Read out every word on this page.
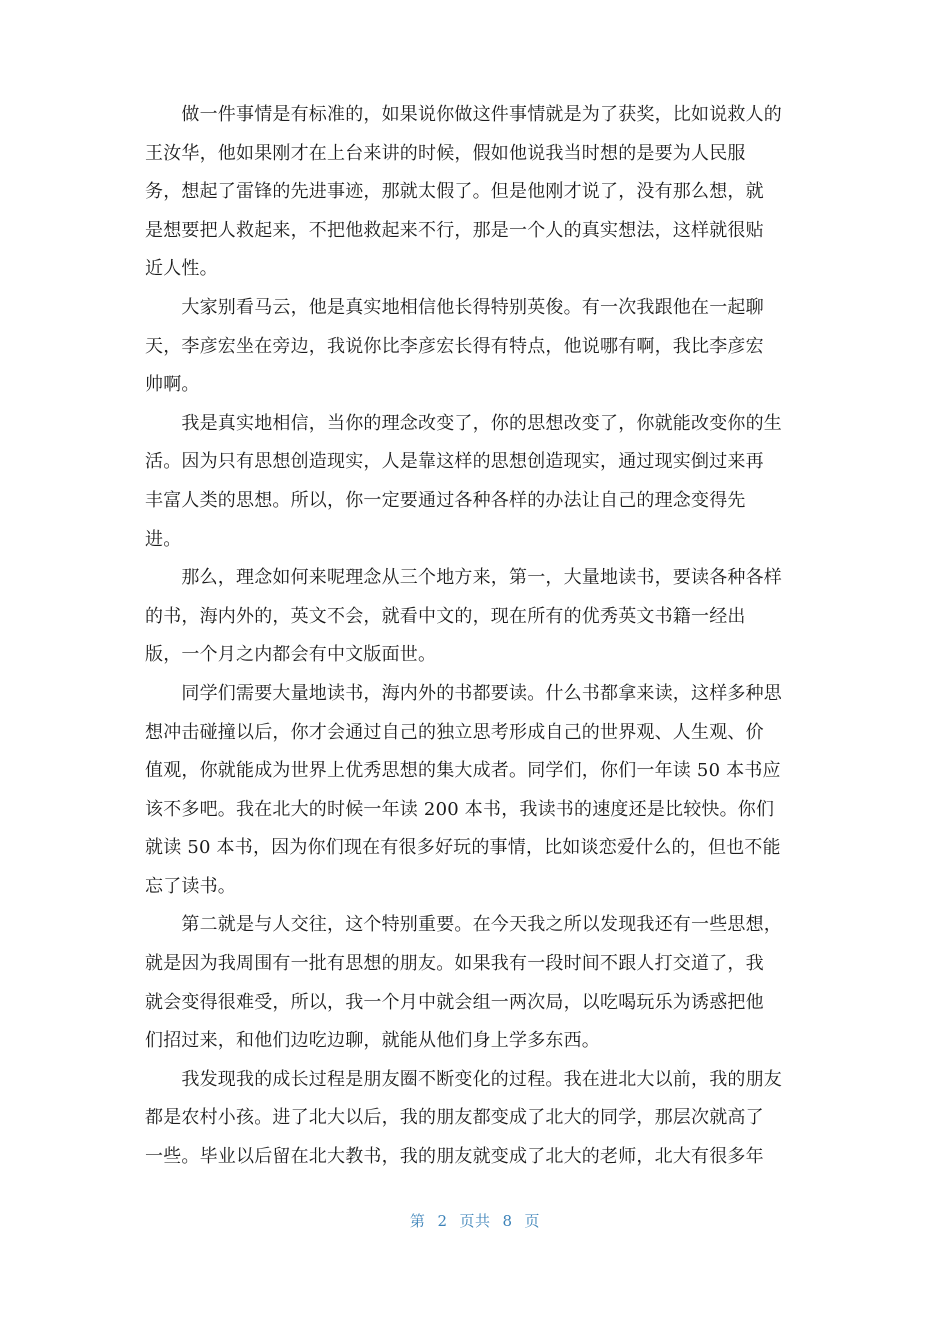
　　做一件事情是有标准的，如果说你做这件事情就是为了获奖，比如说救人的
王汝华，他如果刚才在上台来讲的时候，假如他说我当时想的是要为人民服
务，想起了雷锋的先进事迹，那就太假了。但是他刚才说了，没有那么想，就
是想要把人救起来，不把他救起来不行，那是一个人的真实想法，这样就很贴
近人性。
　　大家别看马云，他是真实地相信他长得特别英俊。有一次我跟他在一起聊
天，李彦宏坐在旁边，我说你比李彦宏长得有特点，他说哪有啊，我比李彦宏
帅啊。
　　我是真实地相信，当你的理念改变了，你的思想改变了，你就能改变你的生
活。因为只有思想创造现实，人是靠这样的思想创造现实，通过现实倒过来再
丰富人类的思想。所以，你一定要通过各种各样的办法让自己的理念变得先
进。
　　那么，理念如何来呢理念从三个地方来，第一，大量地读书，要读各种各样
的书，海内外的，英文不会，就看中文的，现在所有的优秀英文书籍一经出
版，一个月之内都会有中文版面世。
　　同学们需要大量地读书，海内外的书都要读。什么书都拿来读，这样多种思
想冲击碰撞以后，你才会通过自己的独立思考形成自己的世界观、人生观、价
值观，你就能成为世界上优秀思想的集大成者。同学们，你们一年读 50 本书应
该不多吧。我在北大的时候一年读 200 本书，我读书的速度还是比较快。你们
就读 50 本书，因为你们现在有很多好玩的事情，比如谈恋爱什么的，但也不能
忘了读书。
　　第二就是与人交往，这个特别重要。在今天我之所以发现我还有一些思想，
就是因为我周围有一批有思想的朋友。如果我有一段时间不跟人打交道了，我
就会变得很难受，所以，我一个月中就会组一两次局，以吃喝玩乐为诱惑把他
们招过来，和他们边吃边聊，就能从他们身上学多东西。
　　我发现我的成长过程是朋友圈不断变化的过程。我在进北大以前，我的朋友
都是农村小孩。进了北大以后，我的朋友都变成了北大的同学，那层次就高了
一些。毕业以后留在北大教书，我的朋友就变成了北大的老师，北大有很多年
第 2 页共 8 页
